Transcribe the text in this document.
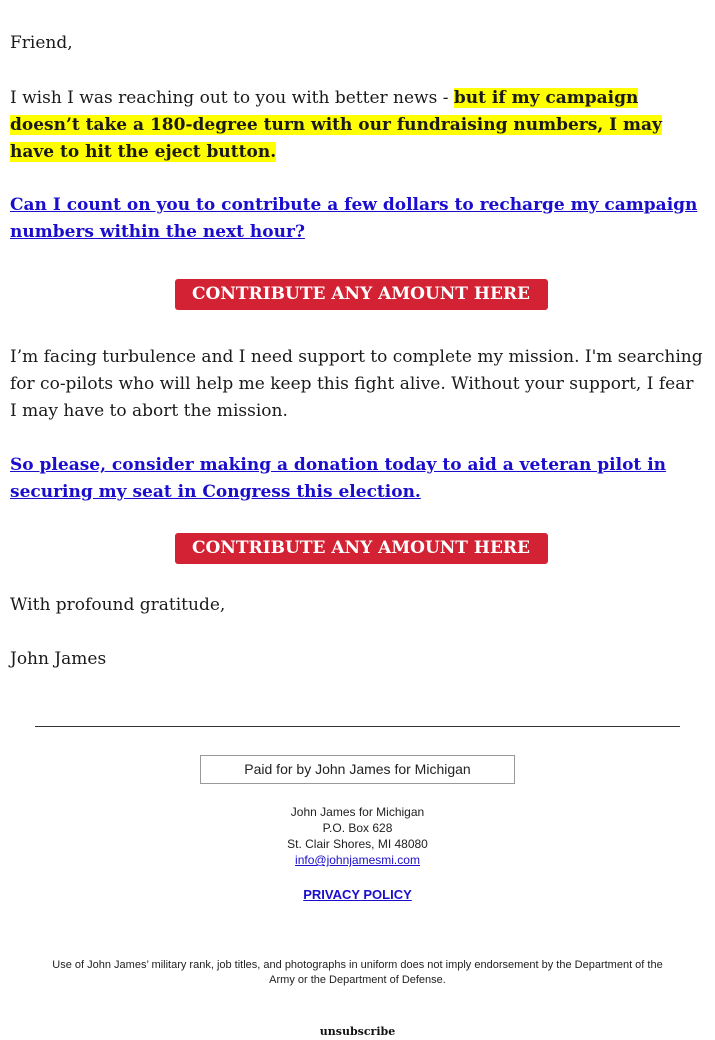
Friend,

I wish I was reaching out to you with better news - but if my campaign doesn’t take a 180-degree turn with our fundraising numbers, I may have to hit the eject button.

Can I count on you to contribute a few dollars to recharge my campaign numbers within the next hour?

CONTRIBUTE ANY AMOUNT HERE

I’m facing turbulence and I need support to complete my mission. I'm searching for co-pilots who will help me keep this fight alive. Without your support, I fear I may have to abort the mission.

So please, consider making a donation today to aid a veteran pilot in securing my seat in Congress this election.

CONTRIBUTE ANY AMOUNT HERE

With profound gratitude,

John James

Paid for by John James for Michigan
John James for Michigan
P.O. Box 628
St. Clair Shores, MI 48080
info@johnjamesmi.com
PRIVACY POLICY
Use of John James’ military rank, job titles, and photographs in uniform does not imply endorsement by the Department of the Army or the Department of Defense.
unsubscribe
